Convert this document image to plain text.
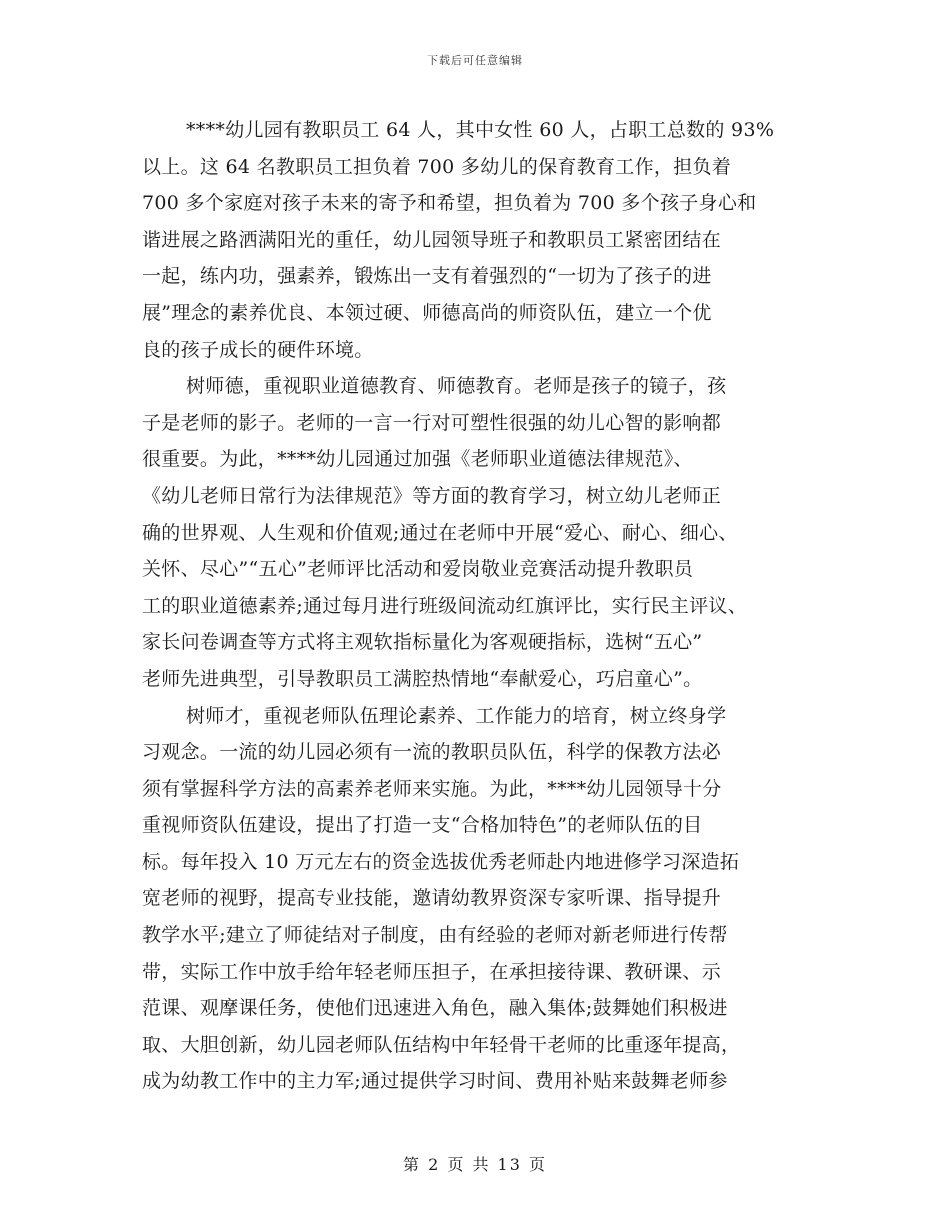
下载后可任意编辑
****幼儿园有教职员工 64 人，其中女性 60 人，占职工总数的 93%
以上。这 64 名教职员工担负着 700 多幼儿的保育教育工作，担负着
700 多个家庭对孩子未来的寄予和希望，担负着为 700 多个孩子身心和
谐进展之路洒满阳光的重任，幼儿园领导班子和教职员工紧密团结在
一起，练内功，强素养，锻炼出一支有着强烈的“一切为了孩子的进
展”理念的素养优良、本领过硬、师德高尚的师资队伍，建立一个优
良的孩子成长的硬件环境。
树师德，重视职业道德教育、师德教育。老师是孩子的镜子，孩
子是老师的影子。老师的一言一行对可塑性很强的幼儿心智的影响都
很重要。为此，****幼儿园通过加强《老师职业道德法律规范》、
《幼儿老师日常行为法律规范》等方面的教育学习，树立幼儿老师正
确的世界观、人生观和价值观;通过在老师中开展“爱心、耐心、细心、
关怀、尽心”“五心”老师评比活动和爱岗敬业竞赛活动提升教职员
工的职业道德素养;通过每月进行班级间流动红旗评比，实行民主评议、
家长问卷调查等方式将主观软指标量化为客观硬指标，选树“五心”
老师先进典型，引导教职员工满腔热情地“奉献爱心，巧启童心”。
树师才，重视老师队伍理论素养、工作能力的培育，树立终身学
习观念。一流的幼儿园必须有一流的教职员队伍，科学的保教方法必
须有掌握科学方法的高素养老师来实施。为此，****幼儿园领导十分
重视师资队伍建设，提出了打造一支“合格加特色”的老师队伍的目
标。每年投入 10 万元左右的资金选拔优秀老师赴内地进修学习深造拓
宽老师的视野，提高专业技能，邀请幼教界资深专家听课、指导提升
教学水平;建立了师徒结对子制度，由有经验的老师对新老师进行传帮
带，实际工作中放手给年轻老师压担子，在承担接待课、教研课、示
范课、观摩课任务，使他们迅速进入角色，融入集体;鼓舞她们积极进
取、大胆创新，幼儿园老师队伍结构中年轻骨干老师的比重逐年提高，
成为幼教工作中的主力军;通过提供学习时间、费用补贴来鼓舞老师参
第 2 页 共 13 页
